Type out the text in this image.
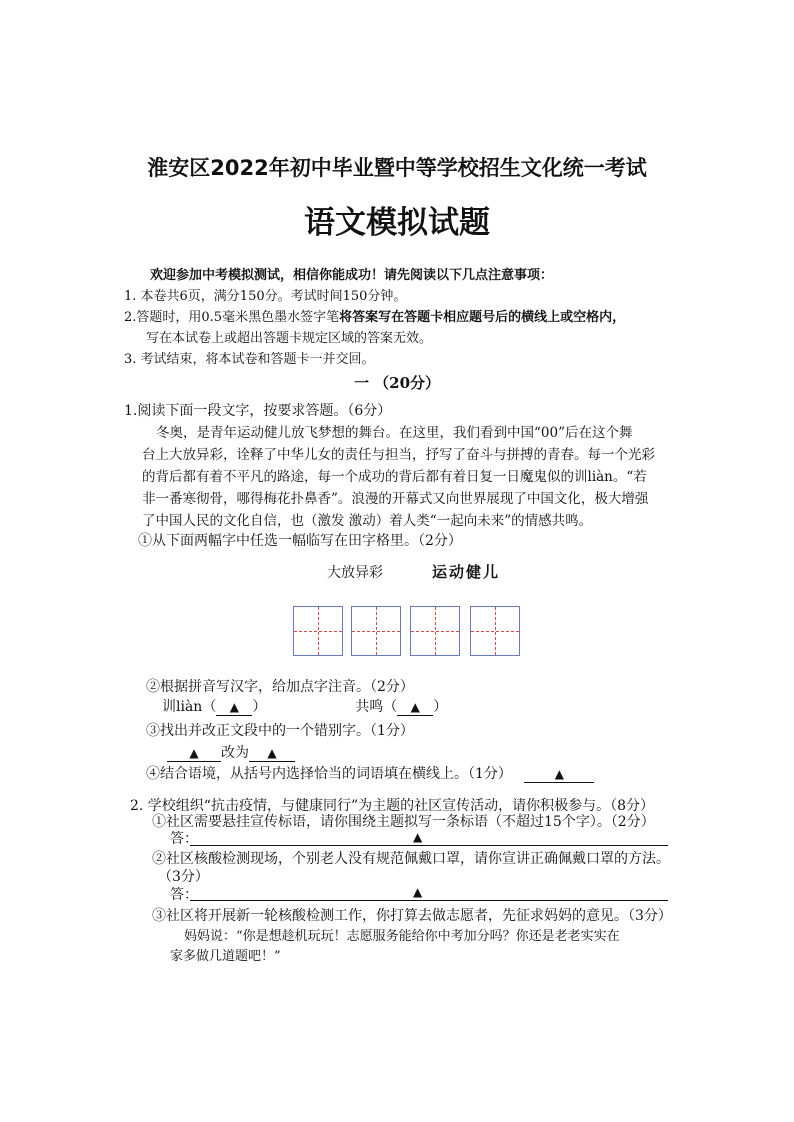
淮安区2022年初中毕业暨中等学校招生文化统一考试
语文模拟试题
欢迎参加中考模拟测试，相信你能成功！请先阅读以下几点注意事项：
1. 本卷共6页，满分150分。考试时间150分钟。
2.答题时，用0.5毫米黑色墨水签字笔将答案写在答题卡相应题号后的横线上或空格内，
写在本试卷上或超出答题卡规定区域的答案无效。
3. 考试结束，将本试卷和答题卡一并交回。
一 （20分）
1.阅读下面一段文字，按要求答题。（6分）
冬奥，是青年运动健儿放飞梦想的舞台。在这里，我们看到中国“00”后在这个舞
台上大放异彩，诠释了中华儿女的责任与担当，抒写了奋斗与拼搏的青春。每一个光彩
的背后都有着不平凡的路途，每一个成功的背后都有着日复一日魔鬼似的训liàn。“若
非一番寒彻骨，哪得梅花扑鼻香”。浪漫的开幕式又向世界展现了中国文化，极大增强
了中国人民的文化自信，也（激发 激动）着人类“一起向未来”的情感共鸣。
①从下面两幅字中任选一幅临写在田字格里。（2分）
大放异彩	运动健儿
②根据拼音写汉字，给加点字注音。（2分）
训liàn（ ▲ ）	共鸣（ ▲ ）
③找出并改正文段中的一个错别字。（1分）
▲ 改为 ▲
④结合语境，从括号内选择恰当的词语填在横线上。（1分）	▲
2. 学校组织“抗击疫情，与健康同行”为主题的社区宣传活动，请你积极参与。（8分）
①社区需要悬挂宣传标语，请你围绕主题拟写一条标语（不超过15个字）。（2分）
答：	▲
②社区核酸检测现场，个别老人没有规范佩戴口罩，请你宣讲正确佩戴口罩的方法。
（3分）
答：	▲
③社区将开展新一轮核酸检测工作，你打算去做志愿者，先征求妈妈的意见。（3分）
妈妈说：“你是想趁机玩玩！志愿服务能给你中考加分吗？你还是老老实实在
家多做几道题吧！”
